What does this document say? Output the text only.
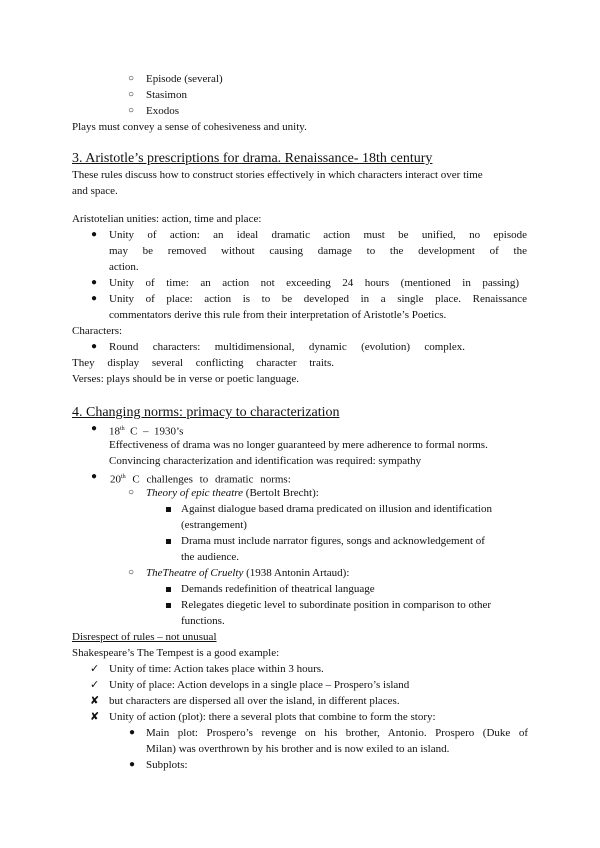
○ Episode (several)
○ Stasimon
○ Exodos
Plays must convey a sense of cohesiveness and unity.
3. Aristotle’s prescriptions for drama. Renaissance- 18th century
These rules discuss how to construct stories effectively in which characters interact over time
and space.
Aristotelian unities: action, time and place:
● Unity of action: an ideal dramatic action must be unified, no episode
may be removed without causing damage to the development of the
action.
● Unity of time: an action not exceeding 24 hours (mentioned in passing)
● Unity of place: action is to be developed in a single place. Renaissance
commentators derive this rule from their interpretation of Aristotle’s Poetics.
Characters:
● Round characters: multidimensional, dynamic (evolution) complex.
They display several conflicting character traits.
Verses: plays should be in verse or poetic language.
4. Changing norms: primacy to characterization
● 18th  C  –  1930’s
Effectiveness of drama was no longer guaranteed by mere adherence to formal norms.
Convincing characterization and identification was required: sympathy
● 20th C challenges to dramatic norms:
○ Theory of epic theatre (Bertolt Brecht):
Against dialogue based drama predicated on illusion and identification
(estrangement)
Drama must include narrator figures, songs and acknowledgement of
the audience.
○ TheTheatre of Cruelty (1938 Antonin Artaud):
Demands redefinition of theatrical language
Relegates diegetic level to subordinate position in comparison to other
functions.
Disrespect of rules – not unusual
Shakespeare’s The Tempest is a good example:
✓ Unity of time: Action takes place within 3 hours.
✓ Unity of place: Action develops in a single place – Prospero’s island
✘ but characters are dispersed all over the island, in different places.
✘ Unity of action (plot): there a several plots that combine to form the story:
● Main plot: Prospero’s revenge on his brother, Antonio. Prospero (Duke of
Milan) was overthrown by his brother and is now exiled to an island.
● Subplots:
